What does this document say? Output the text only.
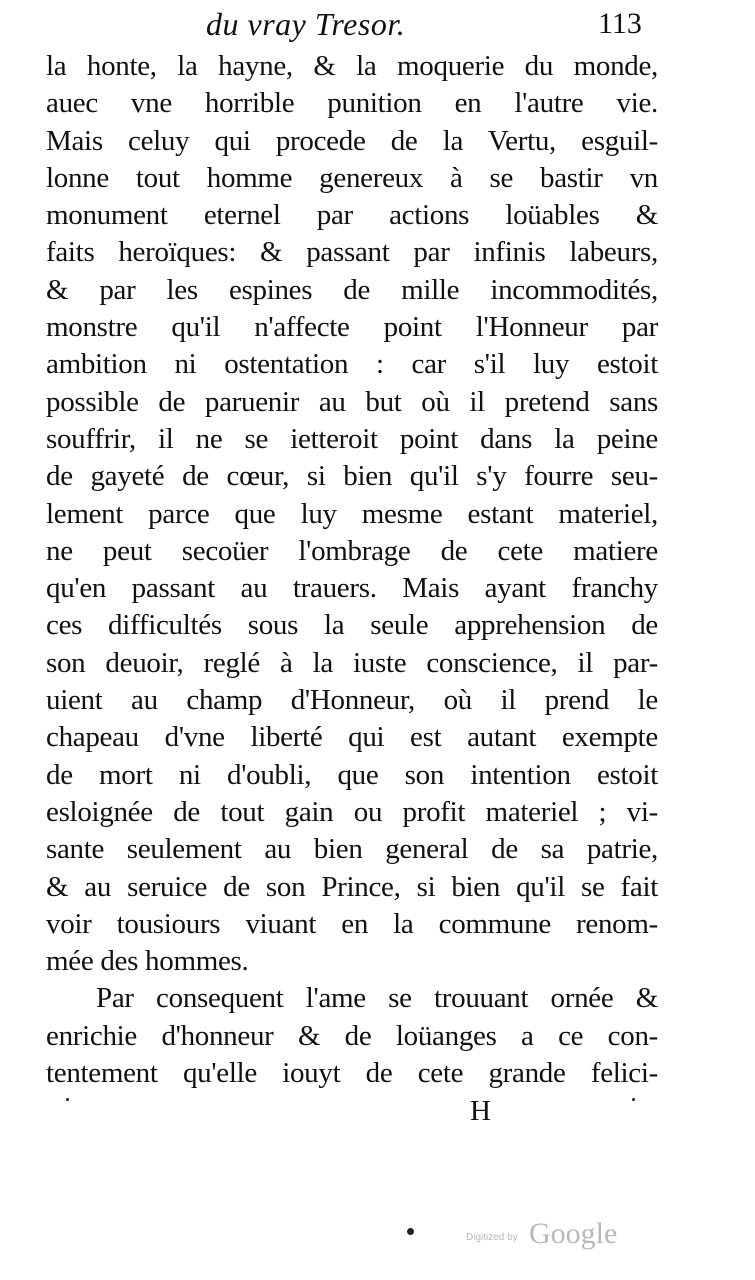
du vray Tresor.	113
la honte, la hayne, & la moquerie du monde,
auec vne horrible punition en l'autre vie.
Mais celuy qui procede de la Vertu, esguil-
lonne tout homme genereux à se bastir vn
monument eternel par actions loüables &
faits heroïques: & passant par infinis labeurs,
& par les espines de mille incommodités,
monstre qu'il n'affecte point l'Honneur par
ambition ni ostentation : car s'il luy estoit
possible de paruenir au but où il pretend sans
souffrir, il ne se ietteroit point dans la peine
de gayeté de cœur, si bien qu'il s'y fourre seu-
lement parce que luy mesme estant materiel,
ne peut secoüer l'ombrage de cete matiere
qu'en passant au trauers. Mais ayant franchy
ces difficultés sous la seule apprehension de
son deuoir, reglé à la iuste conscience, il par-
uient au champ d'Honneur, où il prend le
chapeau d'vne liberté qui est autant exempte
de mort ni d'oubli, que son intention estoit
esloignée de tout gain ou profit materiel ; vi-
sante seulement au bien general de sa patrie,
& au seruice de son Prince, si bien qu'il se fait
voir tousiours viuant en la commune renom-
mée des hommes.
Par consequent l'ame se trouuant ornée &
enrichie d'honneur & de loüanges a ce con-
tentement qu'elle iouyt de cete grande felici-
H
Digitized by Google
